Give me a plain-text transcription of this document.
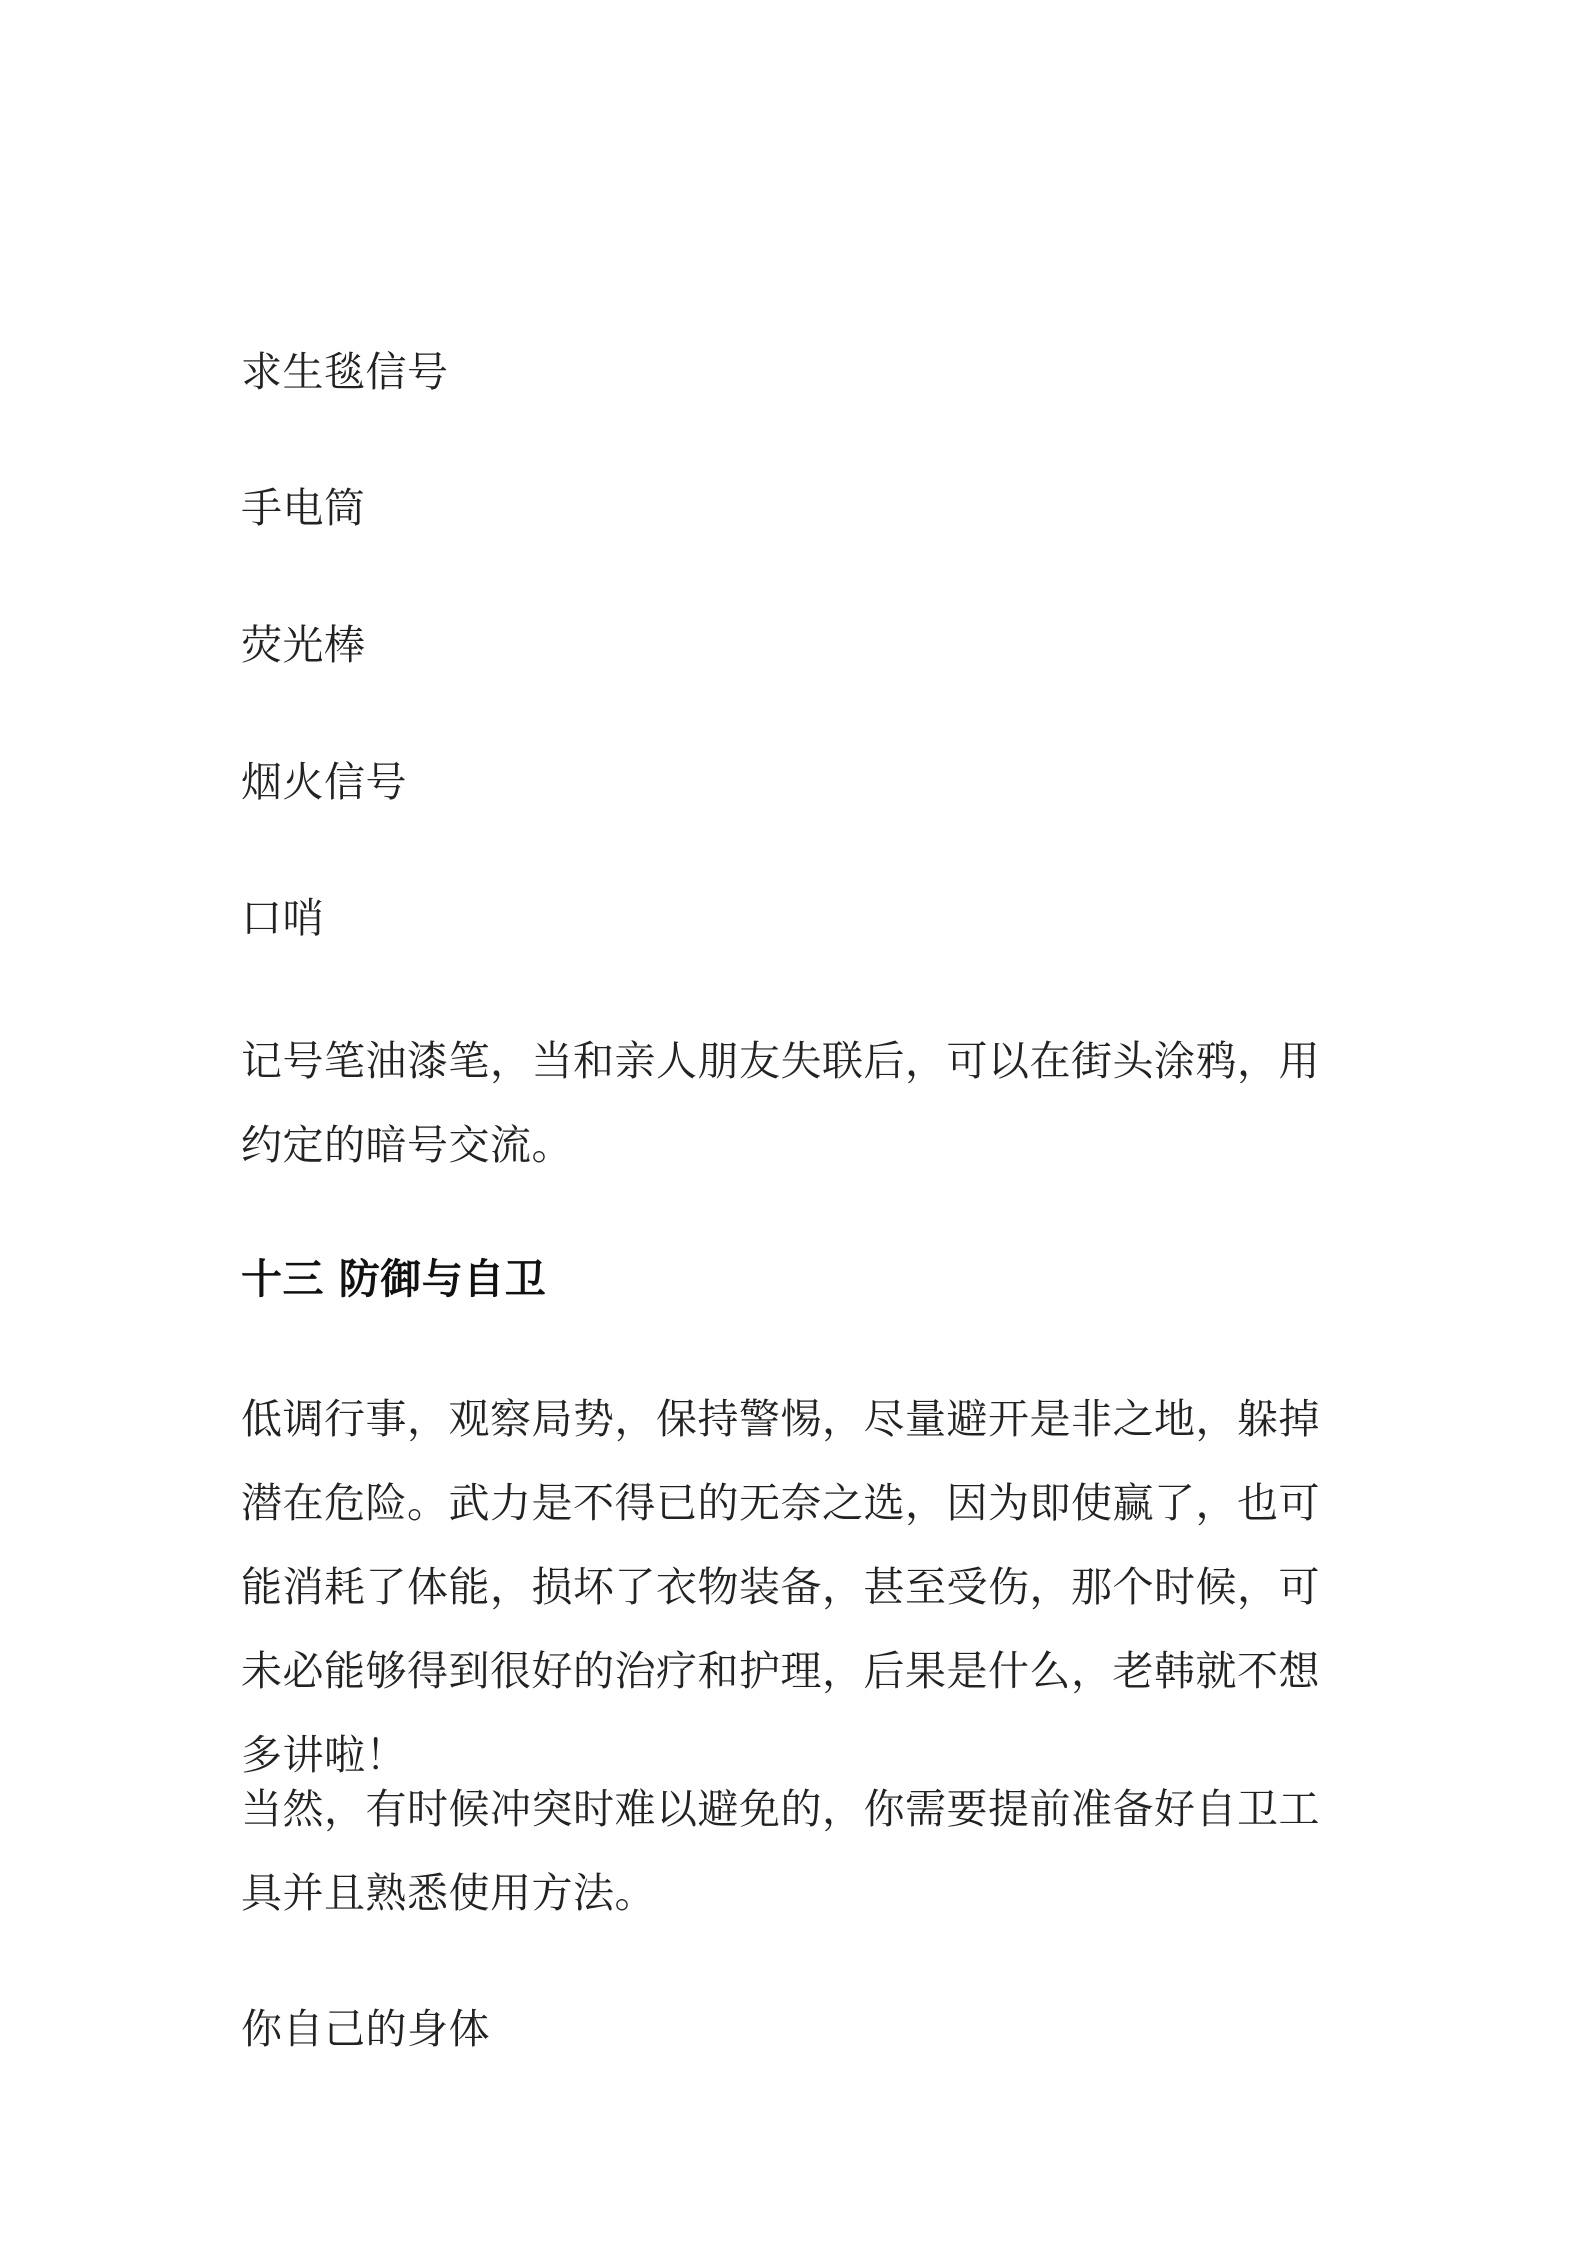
求生毯信号
手电筒
荧光棒
烟火信号
口哨
记号笔油漆笔，当和亲人朋友失联后，可以在街头涂鸦，用约定的暗号交流。
十三 防御与自卫
低调行事，观察局势，保持警惕，尽量避开是非之地，躲掉潜在危险。武力是不得已的无奈之选，因为即使赢了，也可能消耗了体能，损坏了衣物装备，甚至受伤，那个时候，可未必能够得到很好的治疗和护理，后果是什么，老韩就不想多讲啦！
当然，有时候冲突时难以避免的，你需要提前准备好自卫工具并且熟悉使用方法。
你自己的身体
